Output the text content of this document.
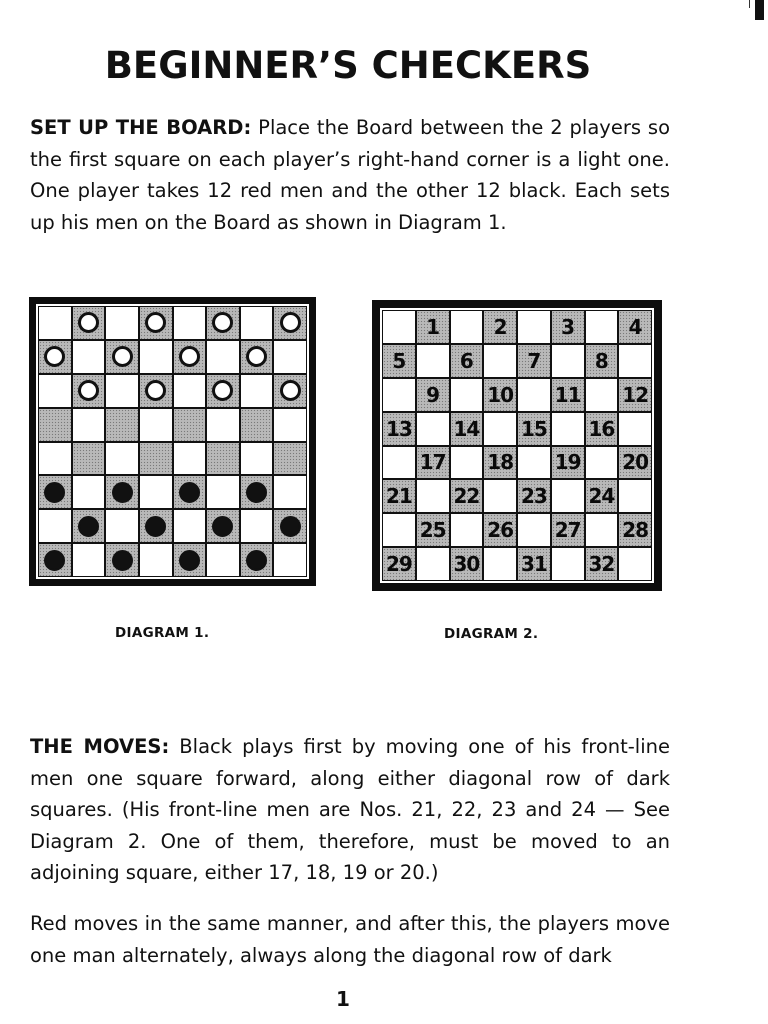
BEGINNER’S CHECKERS

SET UP THE BOARD: Place the Board between the 2 players so the first square on each player’s right-hand corner is a light one. One player takes 12 red men and the other 12 black. Each sets up his men on the Board as shown in Diagram 1.

1	2	3	4
5	6	7	8
9	10 11 12
13 14 15 16
17 18 19 20
21 22 23 24
25 26 27 28
29 30 31 32
DIAGRAM 1.	DIAGRAM 2.

THE MOVES: Black plays first by moving one of his front-line men one square forward, along either diagonal row of dark squares. (His front-line men are Nos. 21, 22, 23 and 24 — See Diagram 2. One of them, therefore, must be moved to an adjoining square, either 17, 18, 19 or 20.)

Red moves in the same manner, and after this, the players move one man alternately, always along the diagonal row of dark

1
